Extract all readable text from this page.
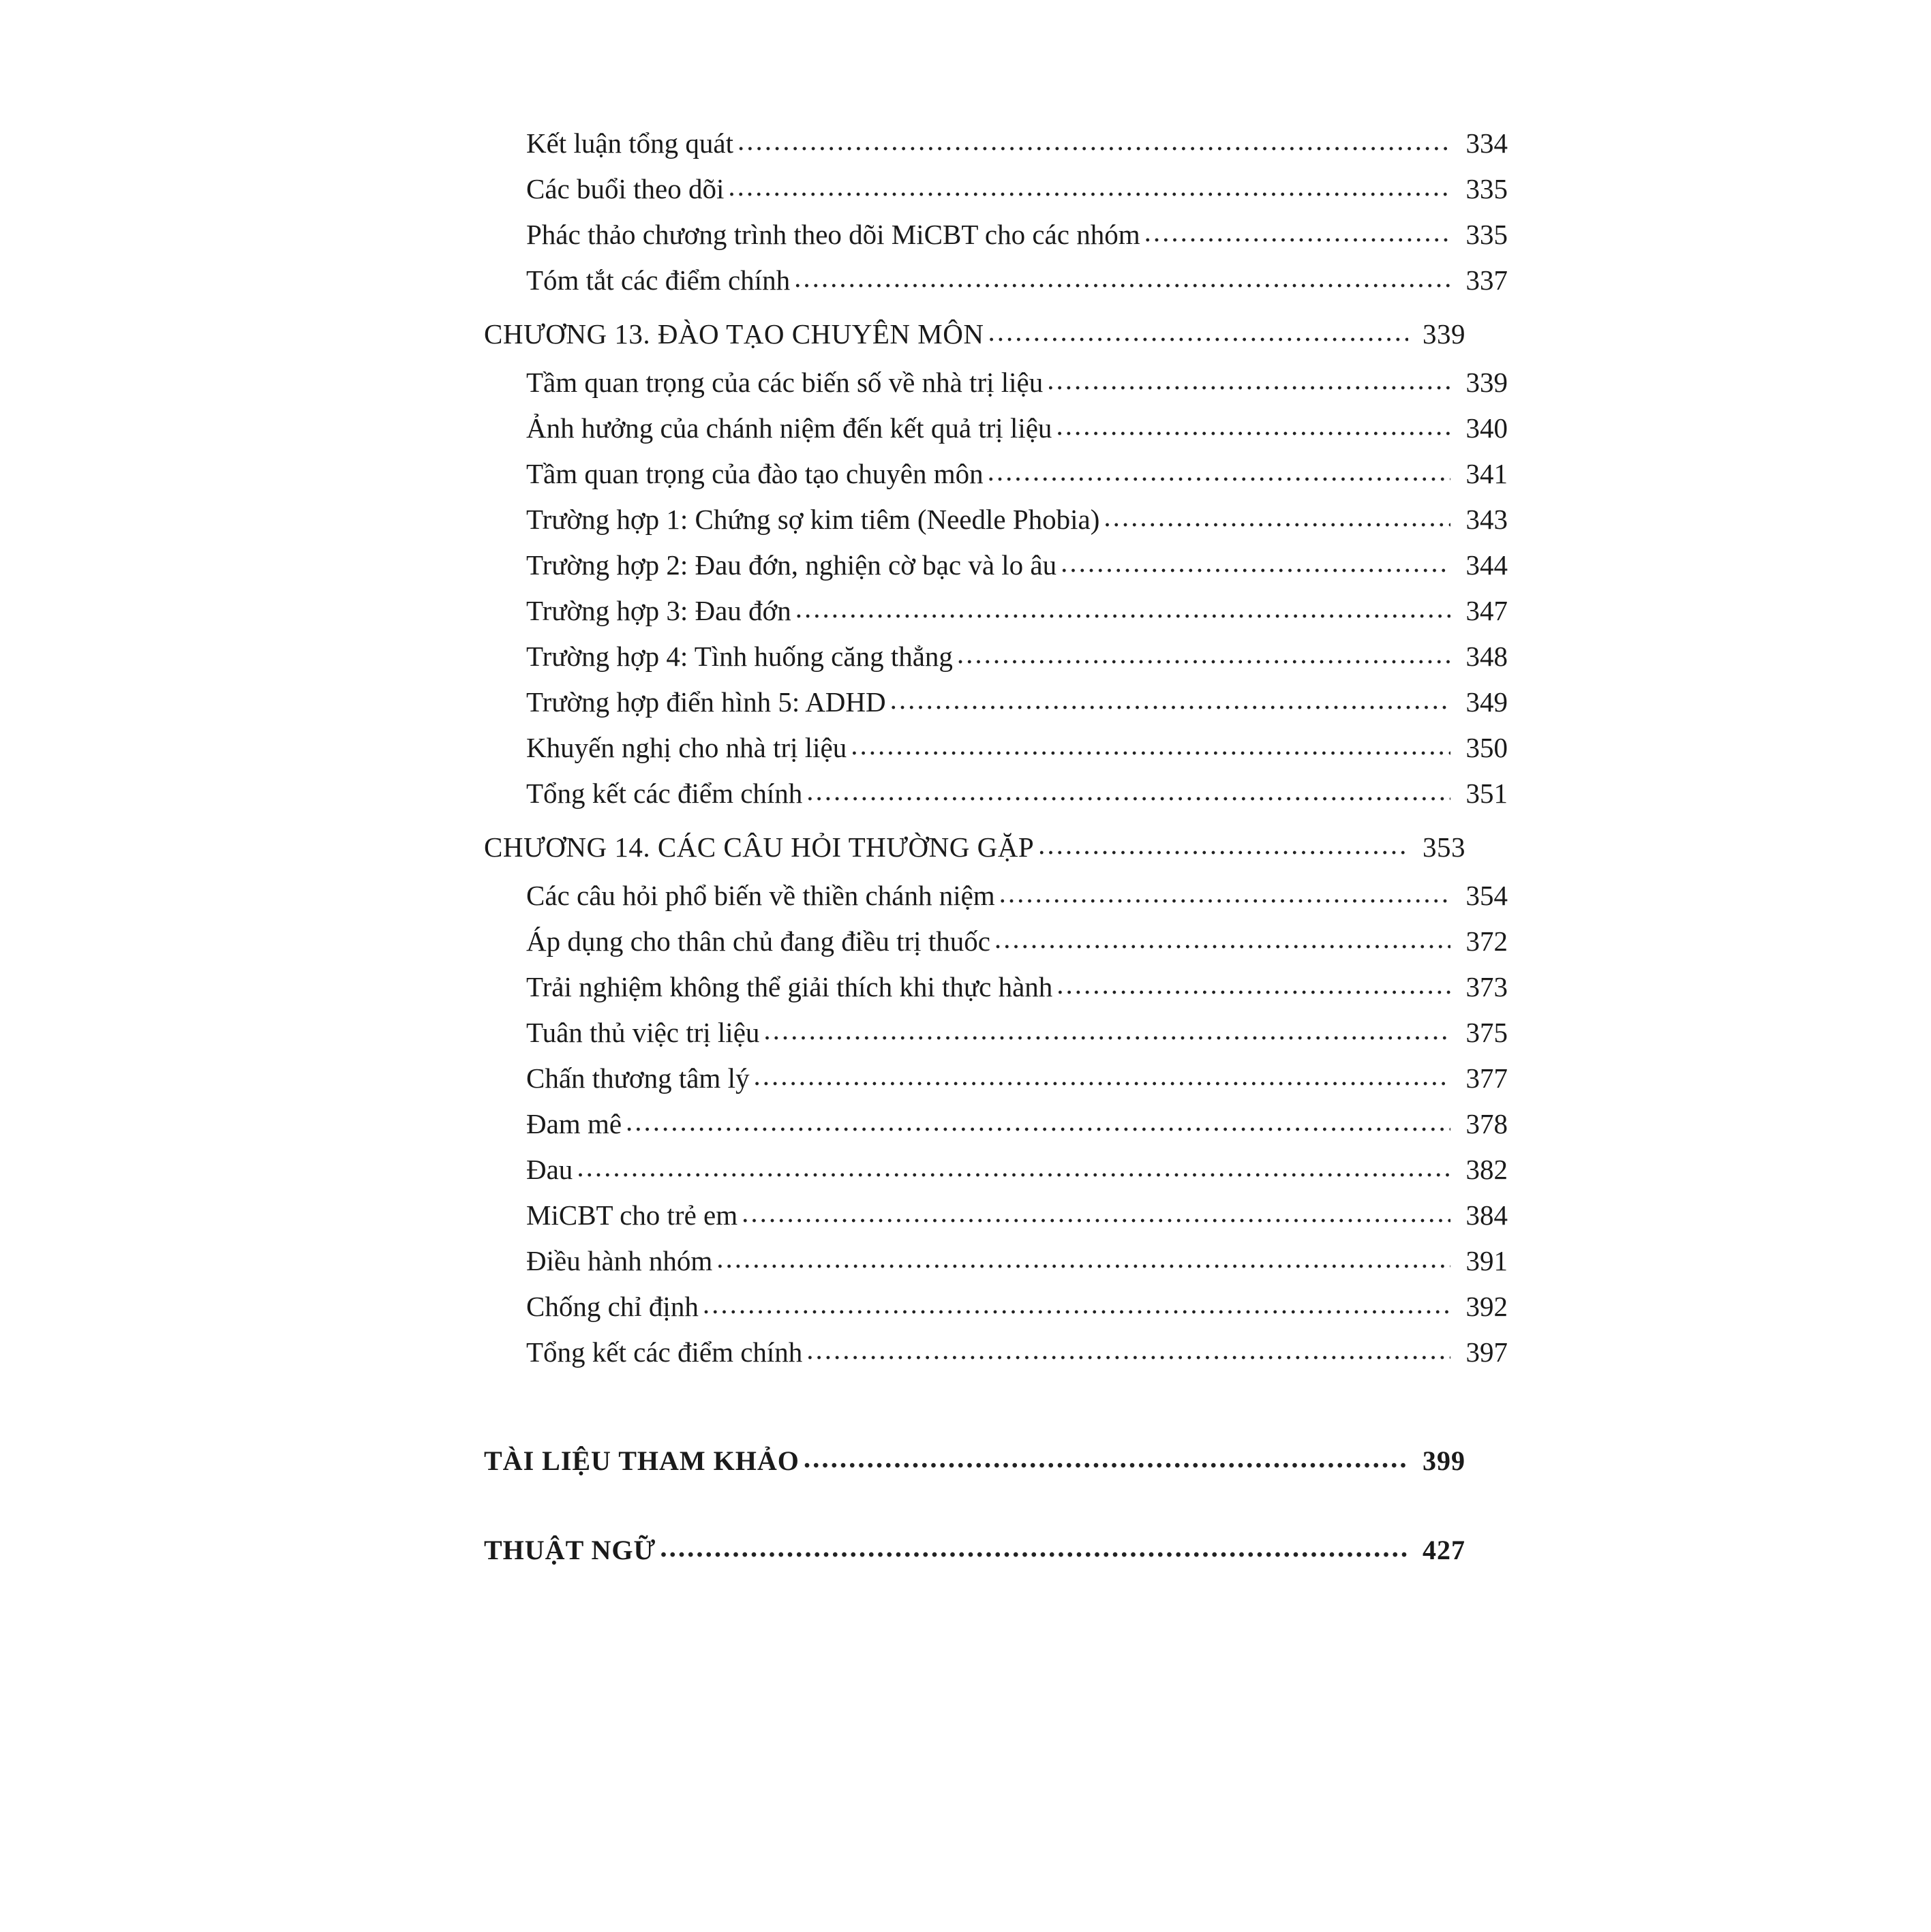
Kết luận tổng quát .....	334
Các buổi theo dõi .....	335
Phác thảo chương trình theo dõi MiCBT cho các nhóm .....	335
Tóm tắt các điểm chính .....	337
CHƯƠNG 13. ĐÀO TẠO CHUYÊN MÔN .....	339
Tầm quan trọng của các biến số về nhà trị liệu .....	339
Ảnh hưởng của chánh niệm đến kết quả trị liệu .....	340
Tầm quan trọng của đào tạo chuyên môn .....	341
Trường hợp 1: Chứng sợ kim tiêm (Needle Phobia) .....	343
Trường hợp 2: Đau đớn, nghiện cờ bạc và lo âu .....	344
Trường hợp 3: Đau đớn .....	347
Trường hợp 4: Tình huống căng thẳng .....	348
Trường hợp điển hình 5: ADHD .....	349
Khuyến nghị cho nhà trị liệu .....	350
Tổng kết các điểm chính .....	351
CHƯƠNG 14. CÁC CÂU HỎI THƯỜNG GẶP .....	353
Các câu hỏi phổ biến về thiền chánh niệm .....	354
Áp dụng cho thân chủ đang điều trị thuốc .....	372
Trải nghiệm không thể giải thích khi thực hành .....	373
Tuân thủ việc trị liệu .....	375
Chấn thương tâm lý .....	377
Đam mê .....	378
Đau .....	382
MiCBT cho trẻ em .....	384
Điều hành nhóm .....	391
Chống chỉ định .....	392
Tổng kết các điểm chính .....	397
TÀI LIỆU THAM KHẢO .....	399
THUẬT NGỮ .....	427
